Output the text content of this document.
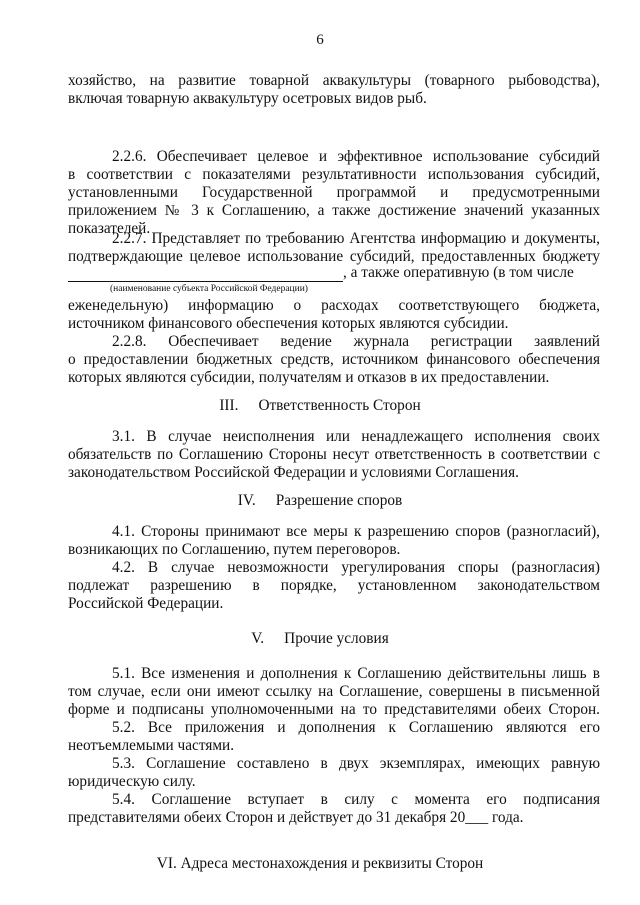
6
хозяйство, на развитие товарной аквакультуры (товарного рыбоводства),
включая товарную аквакультуру осетровых видов рыб.
2.2.6. Обеспечивает целевое и эффективное использование субсидий
в соответствии с показателями результативности использования субсидий,
установленными Государственной программой и предусмотренными
приложением № 3 к Соглашению, а также достижение значений указанных
показателей.
2.2.7. Представляет по требованию Агентства информацию и документы,
подтверждающие целевое использование субсидий, предоставленных бюджету
, а также оперативную (в том числе
(наименование субъекта Российской Федерации)
еженедельную) информацию о расходах соответствующего бюджета,
источником финансового обеспечения которых являются субсидии.
2.2.8. Обеспечивает ведение журнала регистрации заявлений
о предоставлении бюджетных средств, источником финансового обеспечения
которых являются субсидии, получателям и отказов в их предоставлении.
III. Ответственность Сторон
3.1. В случае неисполнения или ненадлежащего исполнения своих
обязательств по Соглашению Стороны несут ответственность в соответствии с
законодательством Российской Федерации и условиями Соглашения.
IV. Разрешение споров
4.1. Стороны принимают все меры к разрешению споров (разногласий),
возникающих по Соглашению, путем переговоров.
4.2. В случае невозможности урегулирования споры (разногласия)
подлежат разрешению в порядке, установленном законодательством
Российской Федерации.
V. Прочие условия
5.1. Все изменения и дополнения к Соглашению действительны лишь в
том случае, если они имеют ссылку на Соглашение, совершены в письменной
форме и подписаны уполномоченными на то представителями обеих Сторон.
5.2. Все приложения и дополнения к Соглашению являются его
неотъемлемыми частями.
5.3. Соглашение составлено в двух экземплярах, имеющих равную
юридическую силу.
5.4. Соглашение вступает в силу с момента его подписания
представителями обеих Сторон и действует до 31 декабря 20___ года.
VI. Адреса местонахождения и реквизиты Сторон
